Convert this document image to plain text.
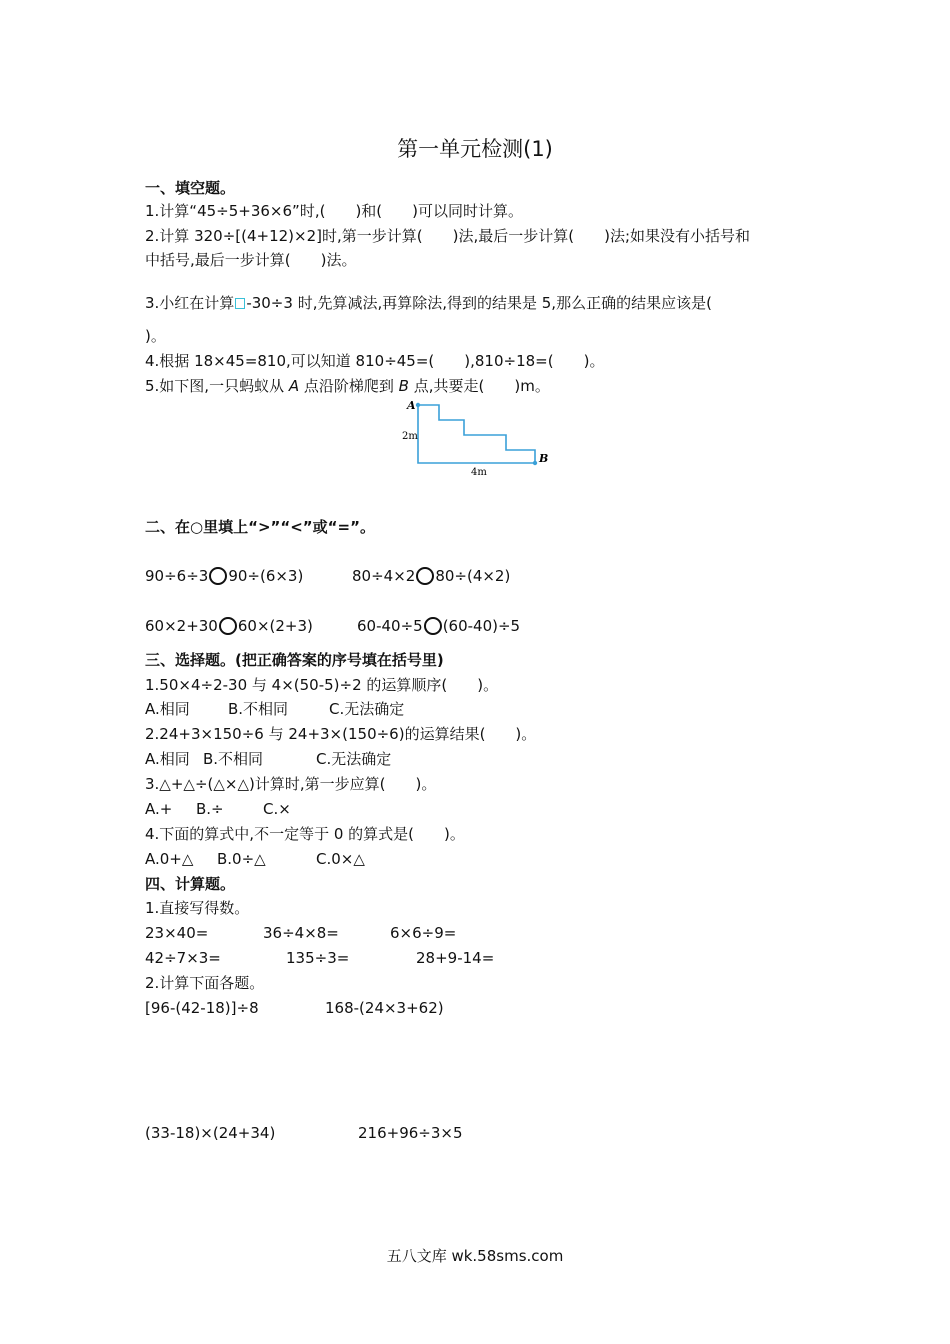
第一单元检测(1)
一、填空题。
1.计算“45÷5+36×6”时,(　　)和(　　)可以同时计算。
2.计算 320÷[(4+12)×2]时,第一步计算(　　)法,最后一步计算(　　)法;如果没有小括号和
中括号,最后一步计算(　　)法。
3.小红在计算 -30÷3 时,先算减法,再算除法,得到的结果是 5,那么正确的结果应该是(
)。
4.根据 18×45=810,可以知道 810÷45=(　　),810÷18=(　　)。
5.如下图,一只蚂蚁从 A 点沿阶梯爬到 B 点,共要走(　　)m。
A
B
2m
4m
二、在○里填上“>”“<”或“=”。
90÷6÷3 90÷(6×3)	80÷4×2 80÷(4×2)
60×2+30 60×(2+3)	60-40÷5 (60-40)÷5
三、选择题。(把正确答案的序号填在括号里)
1.50×4÷2-30 与 4×(50-5)÷2 的运算顺序(　　)。
A.相同	B.不相同	C.无法确定
2.24+3×150÷6 与 24+3×(150÷6)的运算结果(　　)。
A.相同 B.不相同	C.无法确定
3.△+△÷(△×△)计算时,第一步应算(　　)。
A.+ B.÷	C.×
4.下面的算式中,不一定等于 0 的算式是(　　)。
A.0+△ B.0÷△	C.0×△
四、计算题。
1.直接写得数。
23×40=	36÷4×8=	6×6÷9=
42÷7×3=	135÷3=	28+9-14=
2.计算下面各题。
[96-(42-18)]÷8	168-(24×3+62)
(33-18)×(24+34)	216+96÷3×5
五八文库 wk.58sms.com
